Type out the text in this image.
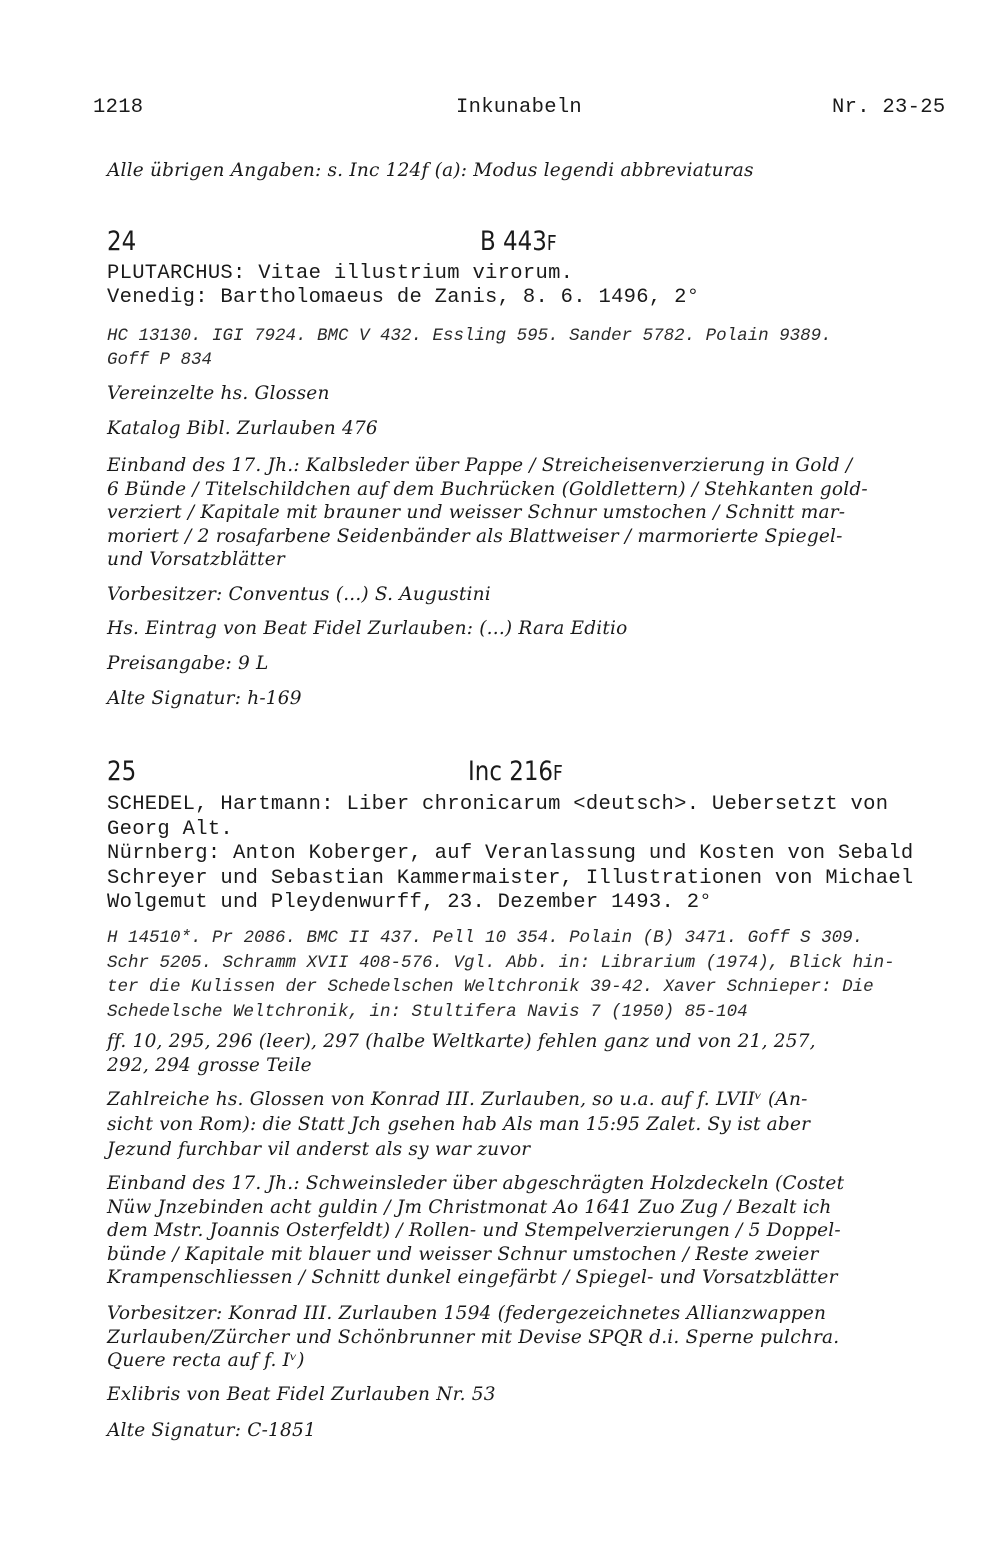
1218	Inkunabeln	Nr. 23-25
Alle übrigen Angaben: s. Inc 124f (a): Modus legendi abbreviaturas
24	B 443F
PLUTARCHUS: Vitae illustrium virorum.
Venedig: Bartholomaeus de Zanis, 8. 6. 1496, 2°
HC 13130. IGI 7924. BMC V 432. Essling 595. Sander 5782. Polain 9389.
Goff P 834
Vereinzelte hs. Glossen
Katalog Bibl. Zurlauben 476
Einband des 17. Jh.: Kalbsleder über Pappe / Streicheisenverzierung in Gold /
6 Bünde / Titelschildchen auf dem Buchrücken (Goldlettern) / Stehkanten gold-
verziert / Kapitale mit brauner und weisser Schnur umstochen / Schnitt mar-
moriert / 2 rosafarbene Seidenbänder als Blattweiser / marmorierte Spiegel-
und Vorsatzblätter
Vorbesitzer: Conventus (...) S. Augustini
Hs. Eintrag von Beat Fidel Zurlauben: (...) Rara Editio
Preisangabe: 9 L
Alte Signatur: h-169
25	Inc 216F
SCHEDEL, Hartmann: Liber chronicarum <deutsch>. Uebersetzt von
Georg Alt.
Nürnberg: Anton Koberger, auf Veranlassung und Kosten von Sebald
Schreyer und Sebastian Kammermaister, Illustrationen von Michael
Wolgemut und Pleydenwurff, 23. Dezember 1493. 2°
H 14510*. Pr 2086. BMC II 437. Pell 10 354. Polain (B) 3471. Goff S 309.
Schr 5205. Schramm XVII 408-576. Vgl. Abb. in: Librarium (1974), Blick hin-
ter die Kulissen der Schedelschen Weltchronik 39-42. Xaver Schnieper: Die
Schedelsche Weltchronik, in: Stultifera Navis 7 (1950) 85-104
ff. 10, 295, 296 (leer), 297 (halbe Weltkarte) fehlen ganz und von 21, 257,
292, 294 grosse Teile
Zahlreiche hs. Glossen von Konrad III. Zurlauben, so u.a. auf f. LVIIᵛ (An-
sicht von Rom): die Statt Jch gsehen hab Als man 15:95 Zalet. Sy ist aber
Jezund furchbar vil anderst als sy war zuvor
Einband des 17. Jh.: Schweinsleder über abgeschrägten Holzdeckeln (Costet
Nüw Jnzebinden acht guldin / Jm Christmonat Ao 1641 Zuo Zug / Bezalt ich
dem Mstr. Joannis Osterfeldt) / Rollen- und Stempelverzierungen / 5 Doppel-
bünde / Kapitale mit blauer und weisser Schnur umstochen / Reste zweier
Krampenschliessen / Schnitt dunkel eingefärbt / Spiegel- und Vorsatzblätter
Vorbesitzer: Konrad III. Zurlauben 1594 (federgezeichnetes Allianzwappen
Zurlauben/Zürcher und Schönbrunner mit Devise SPQR d.i. Sperne pulchra.
Quere recta auf f. Iᵛ)
Exlibris von Beat Fidel Zurlauben Nr. 53
Alte Signatur: C-1851
